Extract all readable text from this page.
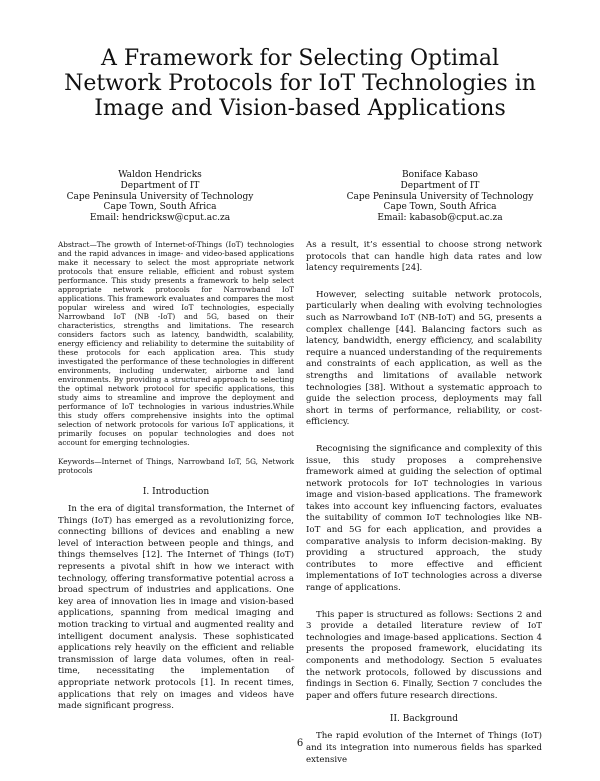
A Framework for Selecting Optimal Network Protocols for IoT Technologies in Image and Vision-based Applications
Waldon Hendricks
Department of IT
Cape Peninsula University of Technology
Cape Town, South Africa
Email: hendricksw@cput.ac.za
Boniface Kabaso
Department of IT
Cape Peninsula University of Technology
Cape Town, South Africa
Email: kabasob@cput.ac.za

Abstract—The growth of Internet-of-Things (IoT) technologies and the rapid advances in image- and video-based applications make it necessary to select the most appropriate network protocols that ensure reliable, efficient and robust system performance. This study presents a framework to help select appropriate network protocols for Narrowband IoT applications. This framework evaluates and compares the most popular wireless and wired IoT technologies, especially Narrowband IoT (NB -IoT) and 5G, based on their characteristics, strengths and limitations. The research considers factors such as latency, bandwidth, scalability, energy efficiency and reliability to determine the suitability of these protocols for each application area. This study investigated the performance of these technologies in different environments, including underwater, airborne and land environments. By providing a structured approach to selecting the optimal network protocol for specific applications, this study aims to streamline and improve the deployment and performance of IoT technologies in various industries.While this study offers comprehensive insights into the optimal selection of network protocols for various IoT applications, it primarily focuses on popular technologies and does not account for emerging technologies.

Keywords—Internet of Things, Narrowband IoT, 5G, Network protocols

I. Introduction

In the era of digital transformation, the Internet of Things (IoT) has emerged as a revolutionizing force, connecting billions of devices and enabling a new level of interaction between people and things, and things themselves [12]. The Internet of Things (IoT) represents a pivotal shift in how we interact with technology, offering transformative potential across a broad spectrum of industries and applications. One key area of innovation lies in image and vision-based applications, spanning from medical imaging and motion tracking to virtual and augmented reality and intelligent document analysis. These sophisticated applications rely heavily on the efficient and reliable transmission of large data volumes, often in real-time, necessitating the implementation of appropriate network protocols [1]. In recent times, applications that rely on images and videos have made significant progress.

As a result, it’s essential to choose strong network protocols that can handle high data rates and low latency requirements [24].

However, selecting suitable network protocols, particularly when dealing with evolving technologies such as Narrowband IoT (NB-IoT) and 5G, presents a complex challenge [44]. Balancing factors such as latency, bandwidth, energy efficiency, and scalability require a nuanced understanding of the requirements and constraints of each application, as well as the strengths and limitations of available network technologies [38]. Without a systematic approach to guide the selection process, deployments may fall short in terms of performance, reliability, or cost-efficiency.

Recognising the significance and complexity of this issue, this study proposes a comprehensive framework aimed at guiding the selection of optimal network protocols for IoT technologies in various image and vision-based applications. The framework takes into account key influencing factors, evaluates the suitability of common IoT technologies like NB-IoT and 5G for each application, and provides a comparative analysis to inform decision-making. By providing a structured approach, the study contributes to more effective and efficient implementations of IoT technologies across a diverse range of applications.

This paper is structured as follows: Sections 2 and 3 provide a detailed literature review of IoT technologies and image-based applications. Section 4 presents the proposed framework, elucidating its components and methodology. Section 5 evaluates the network protocols, followed by discussions and findings in Section 6. Finally, Section 7 concludes the paper and offers future research directions.

II. Background

The rapid evolution of the Internet of Things (IoT) and its integration into numerous fields has sparked extensive

6
